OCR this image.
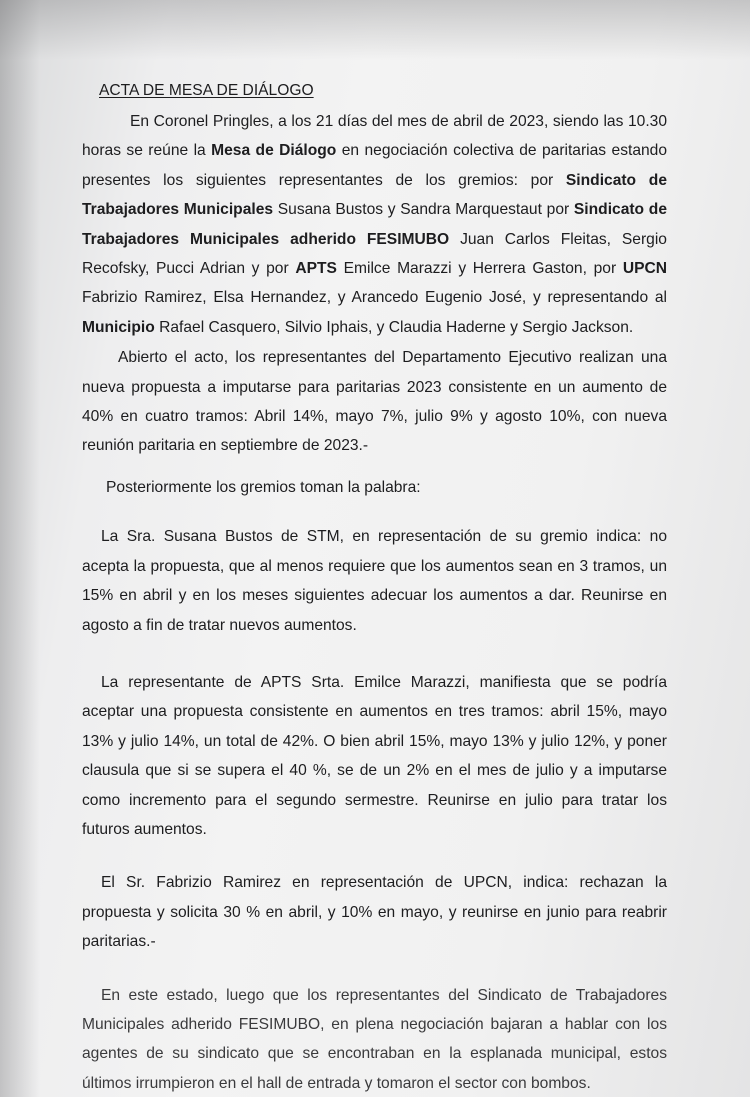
ACTA DE MESA DE DIÁLOGO

En Coronel Pringles, a los 21 días del mes de abril de 2023, siendo las 10.30 horas se reúne la Mesa de Diálogo en negociación colectiva de paritarias estando presentes los siguientes representantes de los gremios: por Sindicato de Trabajadores Municipales Susana Bustos y Sandra Marquestaut por Sindicato de Trabajadores Municipales adherido FESIMUBO Juan Carlos Fleitas, Sergio Recofsky, Pucci Adrian y por APTS Emilce Marazzi y Herrera Gaston, por UPCN Fabrizio Ramirez, Elsa Hernandez, y Arancedo Eugenio José, y representando al Municipio Rafael Casquero, Silvio Iphais, y Claudia Haderne y Sergio Jackson.

Abierto el acto, los representantes del Departamento Ejecutivo realizan una nueva propuesta a imputarse para paritarias 2023 consistente en un aumento de 40% en cuatro tramos: Abril 14%, mayo 7%, julio 9% y agosto 10%, con nueva reunión paritaria en septiembre de 2023.-

Posteriormente los gremios toman la palabra:

La Sra. Susana Bustos de STM, en representación de su gremio indica: no acepta la propuesta, que al menos requiere que los aumentos sean en 3 tramos, un 15% en abril y en los meses siguientes adecuar los aumentos a dar. Reunirse en agosto a fin de tratar nuevos aumentos.

La representante de APTS Srta. Emilce Marazzi, manifiesta que se podría aceptar una propuesta consistente en aumentos en tres tramos: abril 15%, mayo 13% y julio 14%, un total de 42%. O bien abril 15%, mayo 13% y julio 12%, y poner clausula que si se supera el 40 %, se de un 2% en el mes de julio y a imputarse como incremento para el segundo sermestre. Reunirse en julio para tratar los futuros aumentos.

El Sr. Fabrizio Ramirez en representación de UPCN, indica: rechazan la propuesta y solicita 30 % en abril, y 10% en mayo, y reunirse en junio para reabrir paritarias.-

En este estado, luego que los representantes del Sindicato de Trabajadores Municipales adherido FESIMUBO, en plena negociación bajaran a hablar con los agentes de su sindicato que se encontraban en la esplanada municipal, estos últimos irrumpieron en el hall de entrada y tomaron el sector con bombos.
